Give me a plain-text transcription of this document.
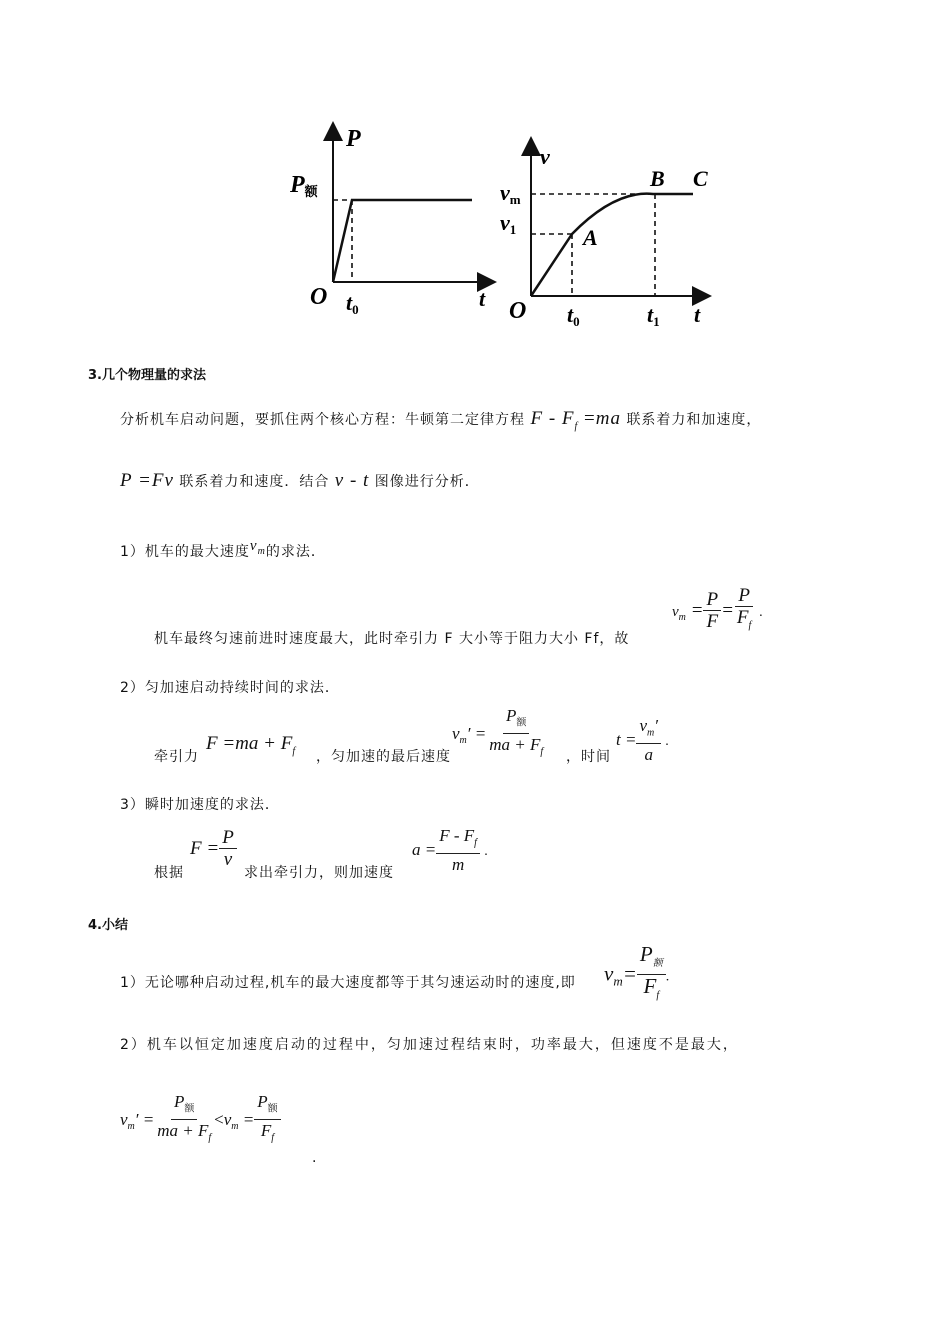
P
P额
O t0	t
v
vm
v1
O t0	t1 t
A
B C
3.几个物理量的求法
分析机车启动问题，要抓住两个核心方程：牛顿第二定律方程 $F - F_f =ma$ 联系着力和加速度，
P =Fv 联系着力和速度．结合 v - t 图像进行分析．
1）机车的最大速度$v_m$的求法．
机车最终匀速前进时速度最大，此时牵引力 F 大小等于阻力大小 Ff，故
$v_m = \frac{P}{F} = \frac{P}{F_f}$ .
2）匀加速启动持续时间的求法．
牵引力
$F =ma + F_f$ ，匀加速的最后速度
$v_m' = \frac{P_额}{ma + F_f}$ ，时间
$t = \frac{v_m'}{a}$ .
3）瞬时加速度的求法．
根据
$F = \frac{P}{v}$
求出牵引力，则加速度
$a = \frac{F - F_f}{m}$ .
4.小结
1）无论哪种启动过程,机车的最大速度都等于其匀速运动时的速度,即 $v_m= \frac{P_额}{F_f}$ .
2）机车以恒定加速度启动的过程中，匀加速过程结束时，功率最大，但速度不是最大，
$v_m' = \frac{P_额}{ma + F_f} <v_m = \frac{P_额}{F_f}$
.
